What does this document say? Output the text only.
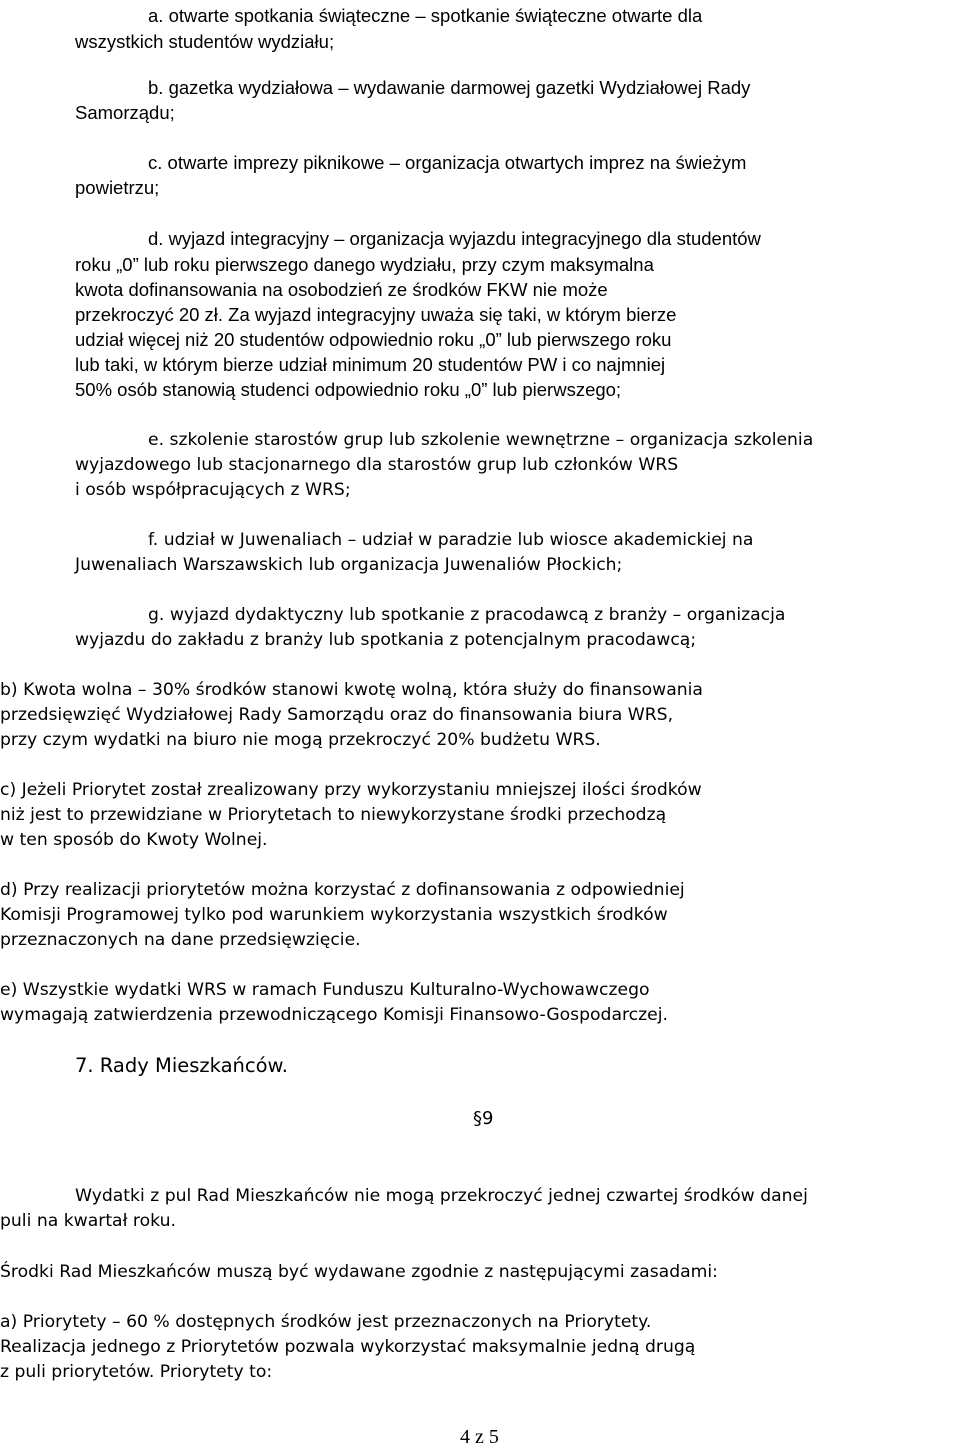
a. otwarte spotkania świąteczne – spotkanie świąteczne otwarte dla
wszystkich studentów wydziału;
b. gazetka wydziałowa – wydawanie darmowej gazetki Wydziałowej Rady
Samorządu;
c. otwarte imprezy piknikowe – organizacja otwartych imprez na świeżym
powietrzu;
d. wyjazd integracyjny – organizacja wyjazdu integracyjnego dla studentów
roku „0” lub roku pierwszego danego wydziału, przy czym maksymalna
kwota dofinansowania na osobodzień ze środków FKW nie może
przekroczyć 20 zł. Za wyjazd integracyjny uważa się taki, w którym bierze
udział więcej niż 20 studentów odpowiednio roku „0” lub pierwszego roku
lub taki, w którym bierze udział minimum 20 studentów PW i co najmniej
50% osób stanowią studenci odpowiednio roku „0” lub pierwszego;
e. szkolenie starostów grup lub szkolenie wewnętrzne – organizacja szkolenia
wyjazdowego lub stacjonarnego dla starostów grup lub członków WRS
i osób współpracujących z WRS;
f. udział w Juwenaliach – udział w paradzie lub wiosce akademickiej na
Juwenaliach Warszawskich lub organizacja Juwenaliów Płockich;
g. wyjazd dydaktyczny lub spotkanie z pracodawcą z branży – organizacja
wyjazdu do zakładu z branży lub spotkania z potencjalnym pracodawcą;
b) Kwota wolna – 30% środków stanowi kwotę wolną, która służy do finansowania
przedsięwzięć Wydziałowej Rady Samorządu oraz do finansowania biura WRS,
przy czym wydatki na biuro nie mogą przekroczyć 20% budżetu WRS.
c) Jeżeli Priorytet został zrealizowany przy wykorzystaniu mniejszej ilości środków
niż jest to przewidziane w Priorytetach to niewykorzystane środki przechodzą
w ten sposób do Kwoty Wolnej.
d) Przy realizacji priorytetów można korzystać z dofinansowania z odpowiedniej
Komisji Programowej tylko pod warunkiem wykorzystania wszystkich środków
przeznaczonych na dane przedsięwzięcie.
e) Wszystkie wydatki WRS w ramach Funduszu Kulturalno-Wychowawczego
wymagają zatwierdzenia przewodniczącego Komisji Finansowo-Gospodarczej.
7. Rady Mieszkańców.
§9
Wydatki z pul Rad Mieszkańców nie mogą przekroczyć jednej czwartej środków danej
puli na kwartał roku.
Środki Rad Mieszkańców muszą być wydawane zgodnie z następującymi zasadami:
a) Priorytety – 60 % dostępnych środków jest przeznaczonych na Priorytety.
Realizacja jednego z Priorytetów pozwala wykorzystać maksymalnie jedną drugą
z puli priorytetów. Priorytety to:
4 z 5
